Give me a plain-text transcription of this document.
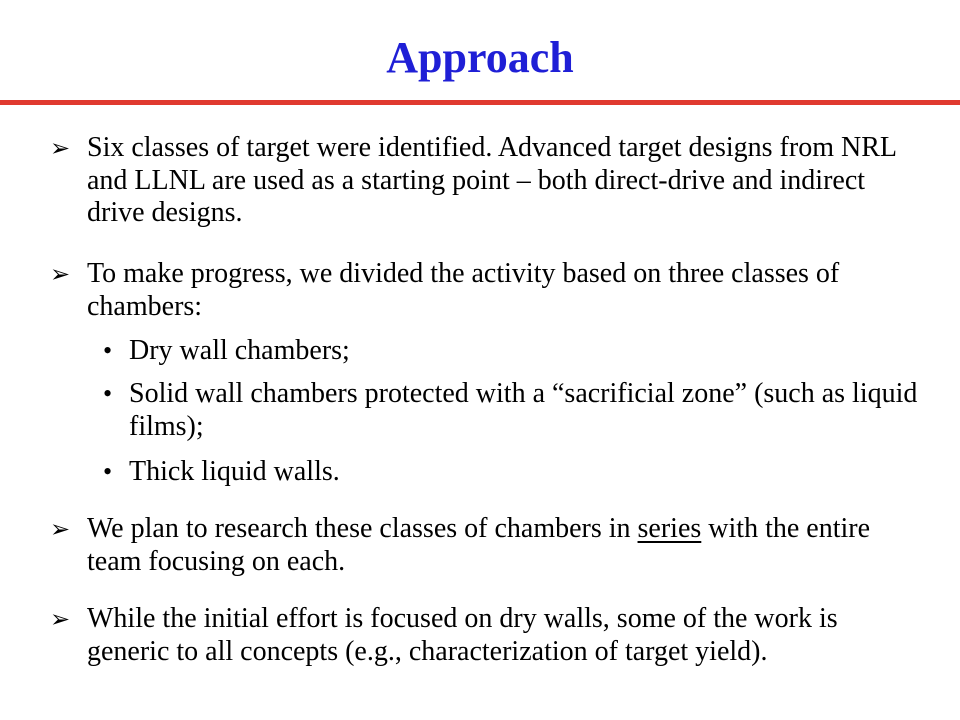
Approach
➢ Six classes of target were identified. Advanced target designs from NRL and LLNL are used as a starting point – both direct-drive and indirect drive designs.
➢ To make progress, we divided the activity based on three classes of chambers:
• Dry wall chambers;
• Solid wall chambers protected with a “sacrificial zone” (such as liquid films);
• Thick liquid walls.
➢ We plan to research these classes of chambers in series with the entire team focusing on each.
➢ While the initial effort is focused on dry walls, some of the work is generic to all concepts (e.g., characterization of target yield).
